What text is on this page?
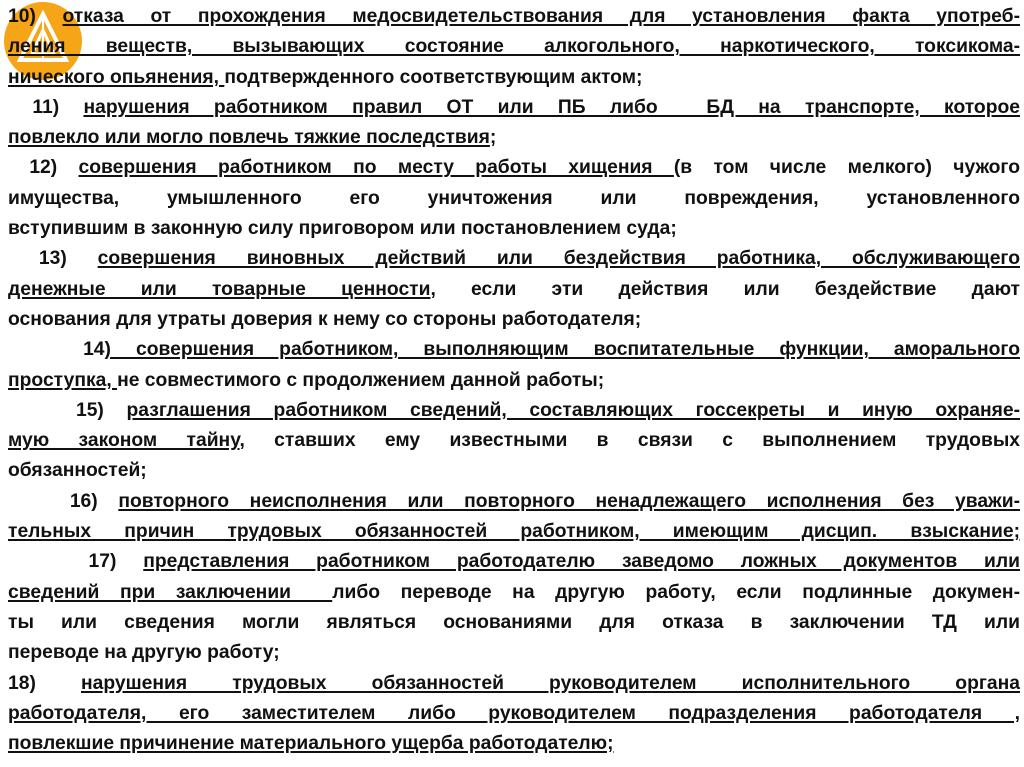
10) отказа от прохождения медосвидетельствования для установления факта употреб-
ления веществ, вызывающих состояние алкогольного, наркотического, токсикома-
нического опьянения, подтвержденного соответствующим актом;
11) нарушения работником правил ОТ или ПБ либо  БД на транспорте, которое
повлекло или могло повлечь тяжкие последствия;
12) совершения работником по месту работы хищения (в том числе мелкого) чужого
имущества, умышленного его уничтожения или повреждения, установленного
вступившим в законную силу приговором или постановлением суда;
13) совершения виновных действий или бездействия работника, обслуживающего
денежные или товарные ценности, если эти действия или бездействие дают
основания для утраты доверия к нему со стороны работодателя;
14) совершения работником, выполняющим воспитательные функции, аморального
проступка, не совместимого с продолжением данной работы;
15) разглашения работником сведений, составляющих госсекреты и иную охраняе-
мую законом тайну, ставших ему известными в связи с выполнением трудовых
обязанностей;
16) повторного неисполнения или повторного ненадлежащего исполнения без уважи-
тельных причин трудовых обязанностей работником, имеющим дисцип. взыскание;
17) представления работником работодателю заведомо ложных документов или
сведений при заключении  либо переводе на другую работу, если подлинные докумен-
ты или сведения могли являться основаниями для отказа в заключении ТД или
переводе на другую работу;
18) нарушения трудовых обязанностей руководителем исполнительного органа
работодателя, его заместителем либо руководителем подразделения работодателя ,
повлекшие причинение материального ущерба работодателю;
